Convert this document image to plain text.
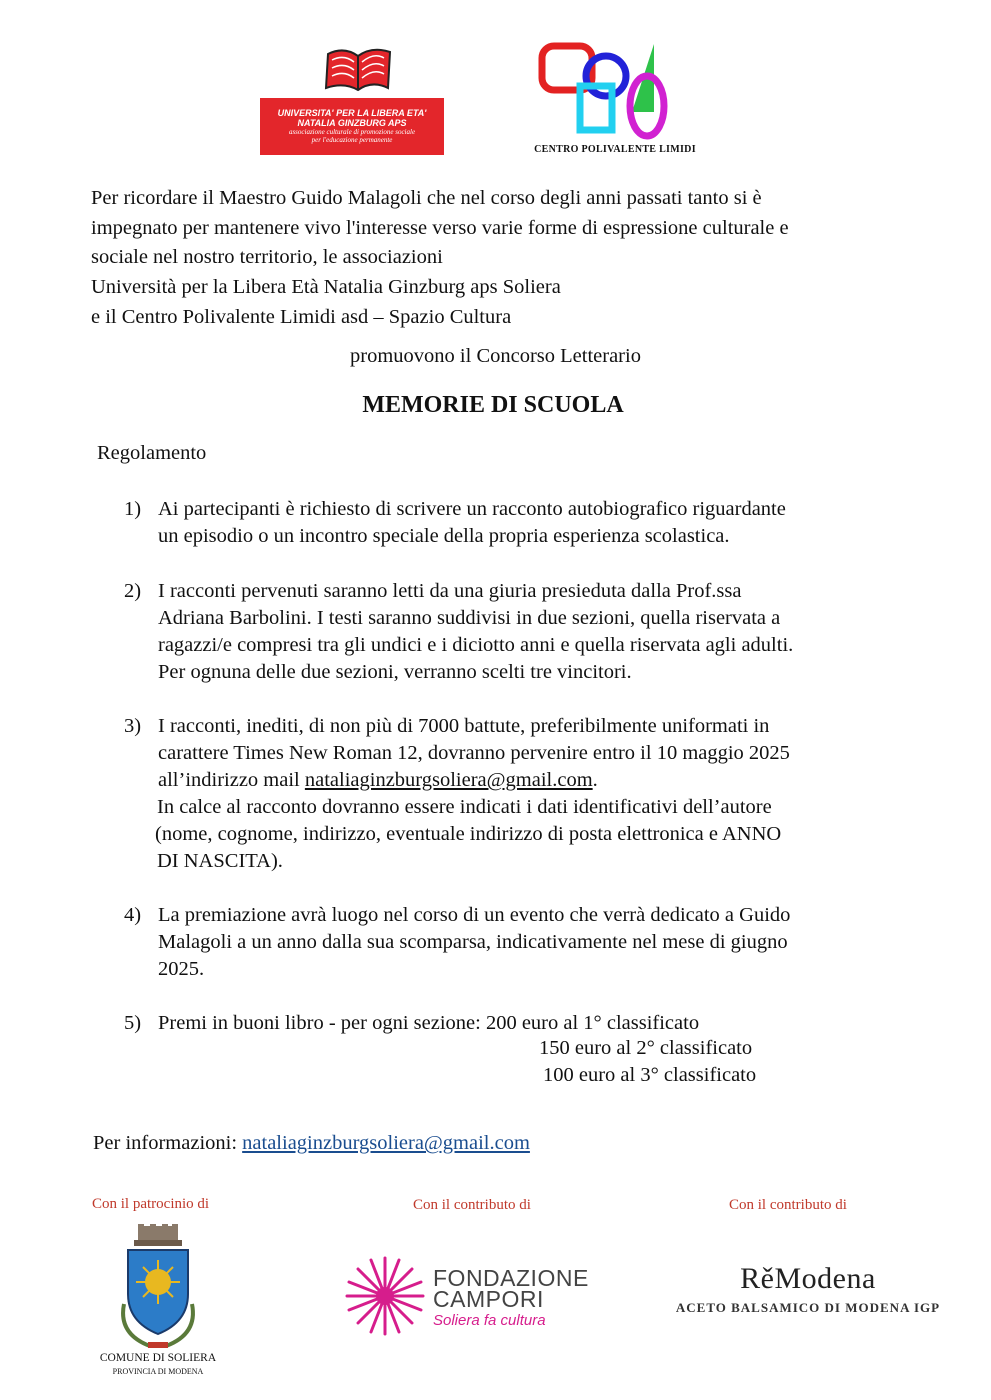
UNIVERSITA' PER LA LIBERA ETA'
NATALIA GINZBURG APS
associazione culturale di promozione sociale
per l'educazione permanente
CENTRO POLIVALENTE LIMIDI
Per ricordare il Maestro Guido Malagoli che nel corso degli anni passati tanto si è
impegnato per mantenere vivo l'interesse verso varie forme di espressione culturale e
sociale nel nostro territorio, le associazioni
Università per la Libera Età Natalia Ginzburg aps Soliera
e il Centro Polivalente Limidi asd – Spazio Cultura
promuovono il Concorso Letterario
MEMORIE DI SCUOLA
Regolamento
1) Ai partecipanti è richiesto di scrivere un racconto autobiografico riguardante
un episodio o un incontro speciale della propria esperienza scolastica.
2) I racconti pervenuti saranno letti da una giuria presieduta dalla Prof.ssa
Adriana Barbolini. I testi saranno suddivisi in due sezioni, quella riservata a
ragazzi/e compresi tra gli undici e i diciotto anni e quella riservata agli adulti.
Per ognuna delle due sezioni, verranno scelti tre vincitori.
3) I racconti, inediti, di non più di 7000 battute, preferibilmente uniformati in
carattere Times New Roman 12, dovranno pervenire entro il 10 maggio 2025
all’indirizzo mail nataliaginzburgsoliera@gmail.com.
In calce al racconto dovranno essere indicati i dati identificativi dell’autore
(nome, cognome, indirizzo, eventuale indirizzo di posta elettronica e ANNO
DI NASCITA).
4) La premiazione avrà luogo nel corso di un evento che verrà dedicato a Guido
Malagoli a un anno dalla sua scomparsa, indicativamente nel mese di giugno
2025.
5) Premi in buoni libro - per ogni sezione: 200 euro al 1° classificato
150 euro al 2° classificato
100 euro al 3° classificato
Per informazioni: nataliaginzburgsoliera@gmail.com
Con il patrocinio di	Con il contributo di	Con il contributo di
COMUNE DI SOLIERA
PROVINCIA DI MODENA
FONDAZIONE
CAMPORI
Soliera fa cultura
RěModena
ACETO BALSAMICO DI MODENA IGP
